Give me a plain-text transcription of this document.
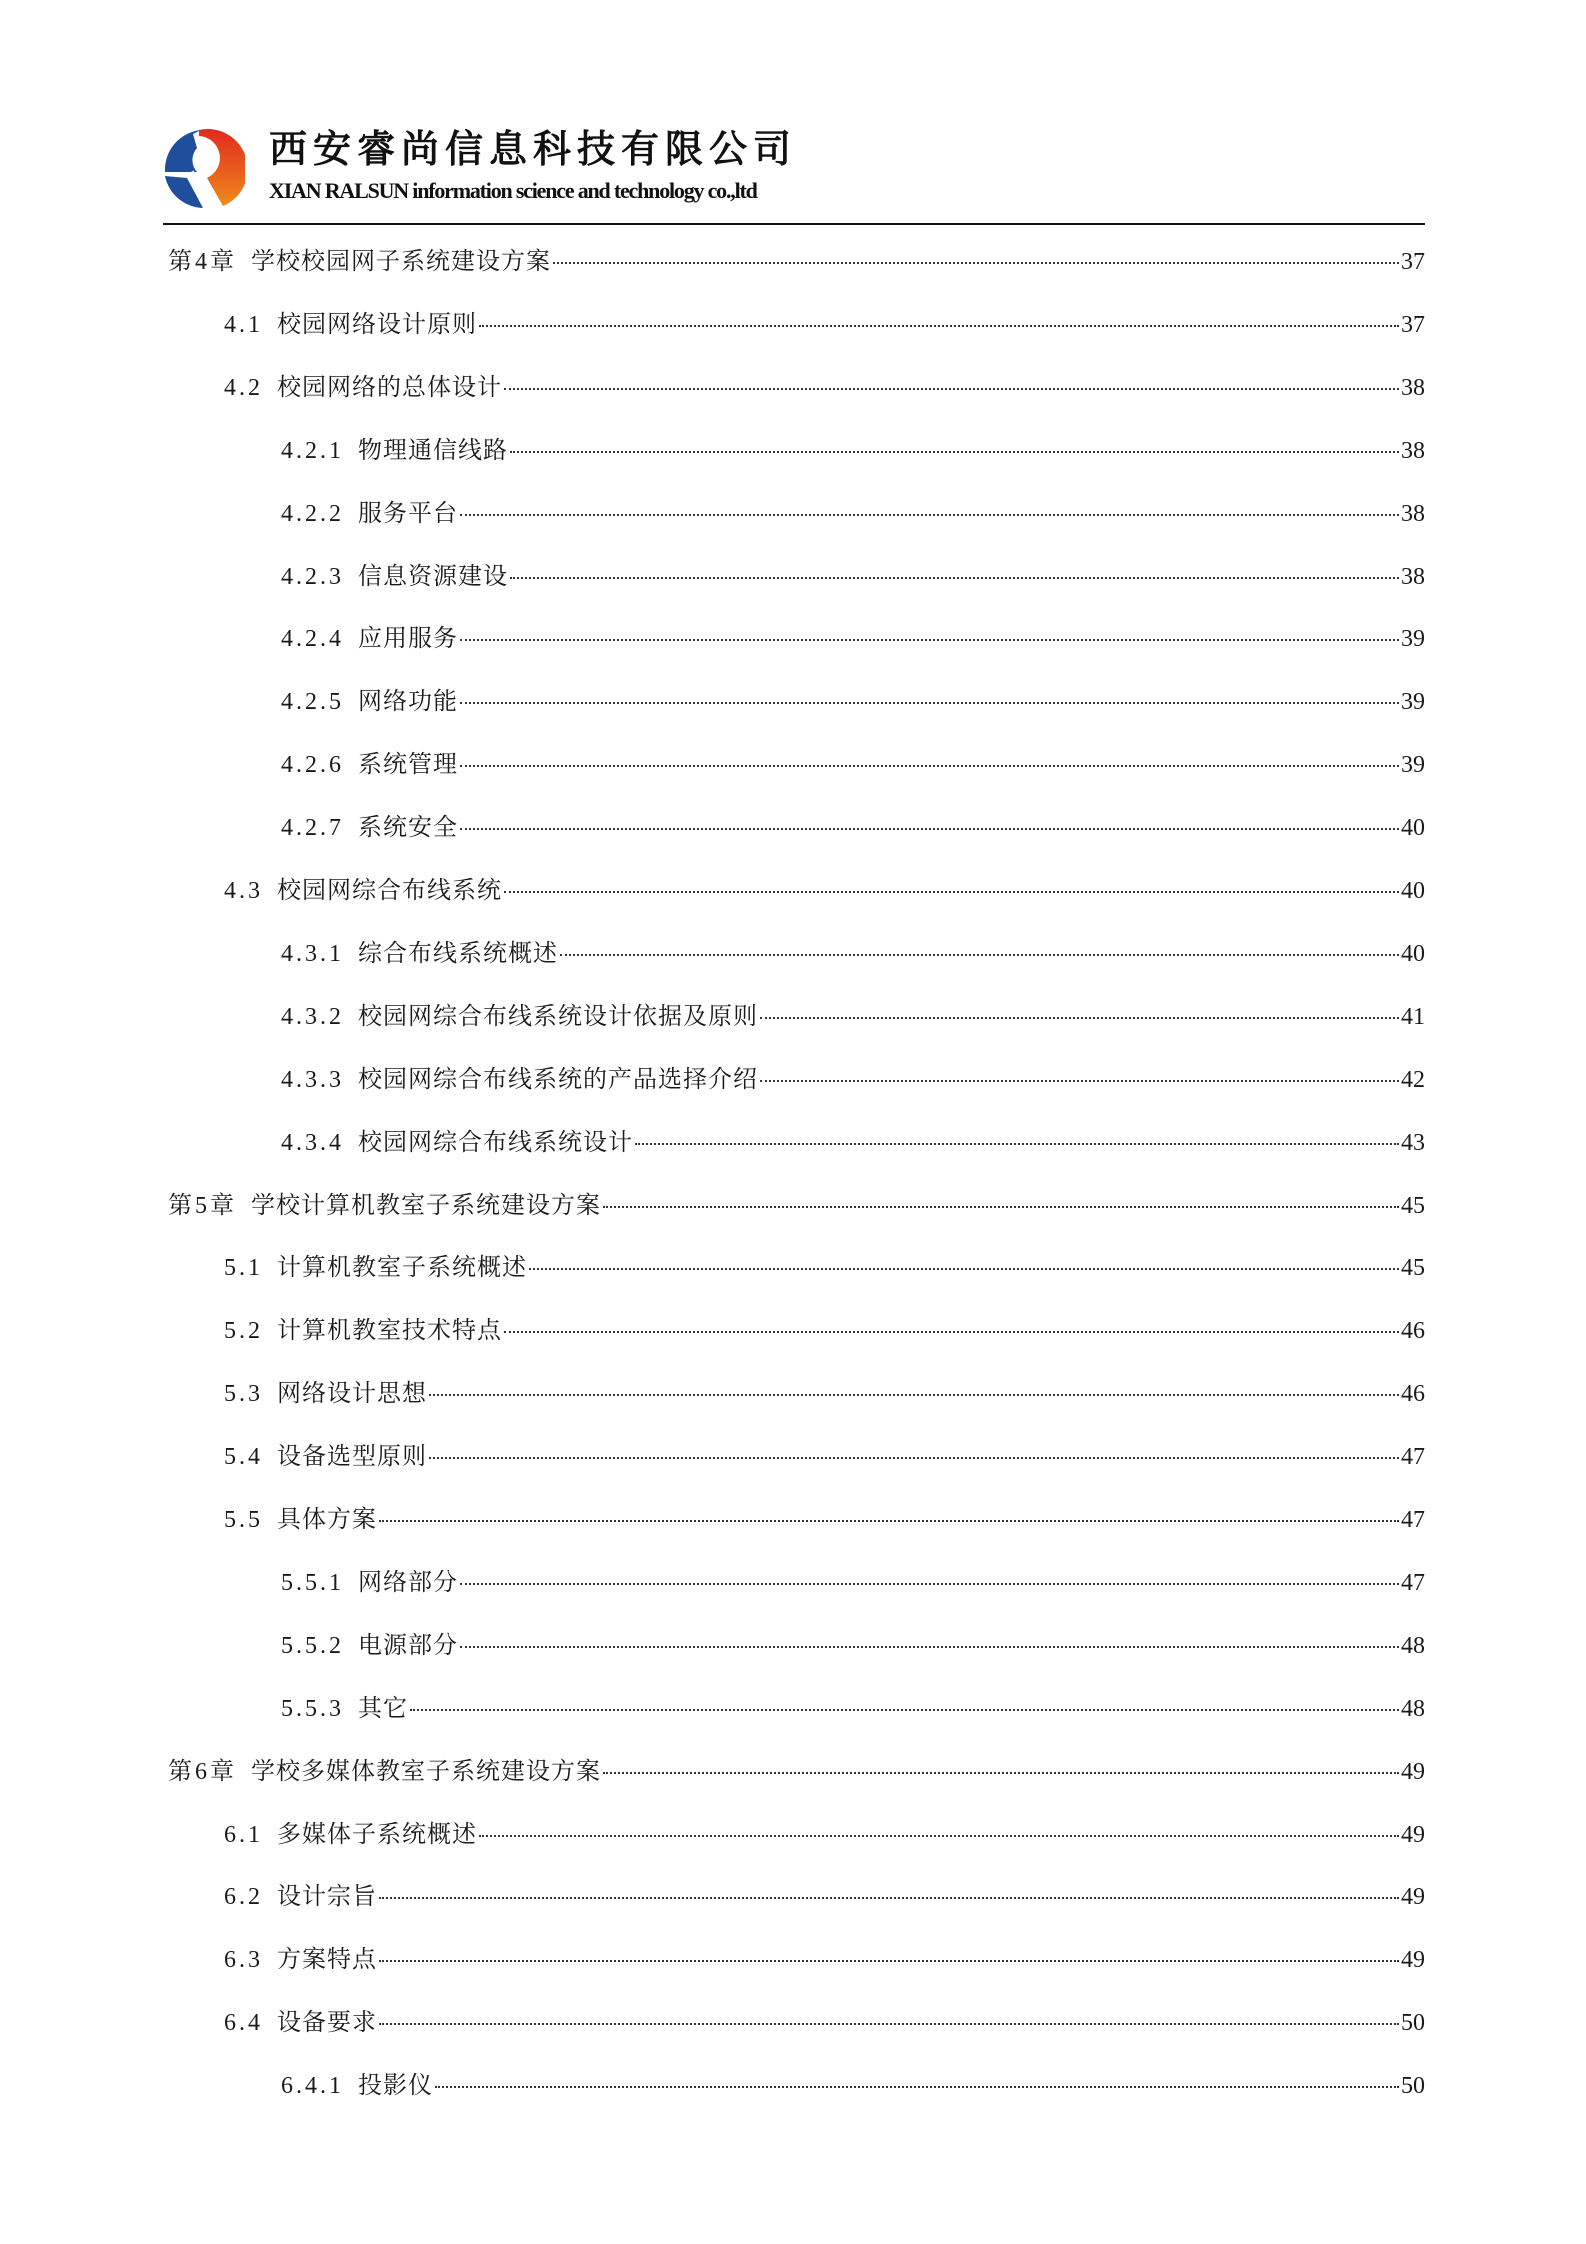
西安睿尚信息科技有限公司
XIAN RALSUN information science and technology co.,ltd
第4章 学校校园网子系统建设方案	37
4.1 校园网络设计原则	37
4.2 校园网络的总体设计	38
4.2.1 物理通信线路	38
4.2.2 服务平台	38
4.2.3 信息资源建设	38
4.2.4 应用服务	39
4.2.5 网络功能	39
4.2.6 系统管理	39
4.2.7 系统安全	40
4.3 校园网综合布线系统	40
4.3.1 综合布线系统概述	40
4.3.2 校园网综合布线系统设计依据及原则	41
4.3.3 校园网综合布线系统的产品选择介绍	42
4.3.4 校园网综合布线系统设计	43
第5章 学校计算机教室子系统建设方案	45
5.1 计算机教室子系统概述	45
5.2 计算机教室技术特点	46
5.3 网络设计思想	46
5.4 设备选型原则	47
5.5 具体方案	47
5.5.1 网络部分	47
5.5.2 电源部分	48
5.5.3 其它	48
第6章 学校多媒体教室子系统建设方案	49
6.1 多媒体子系统概述	49
6.2 设计宗旨	49
6.3 方案特点	49
6.4 设备要求	50
6.4.1 投影仪	50
